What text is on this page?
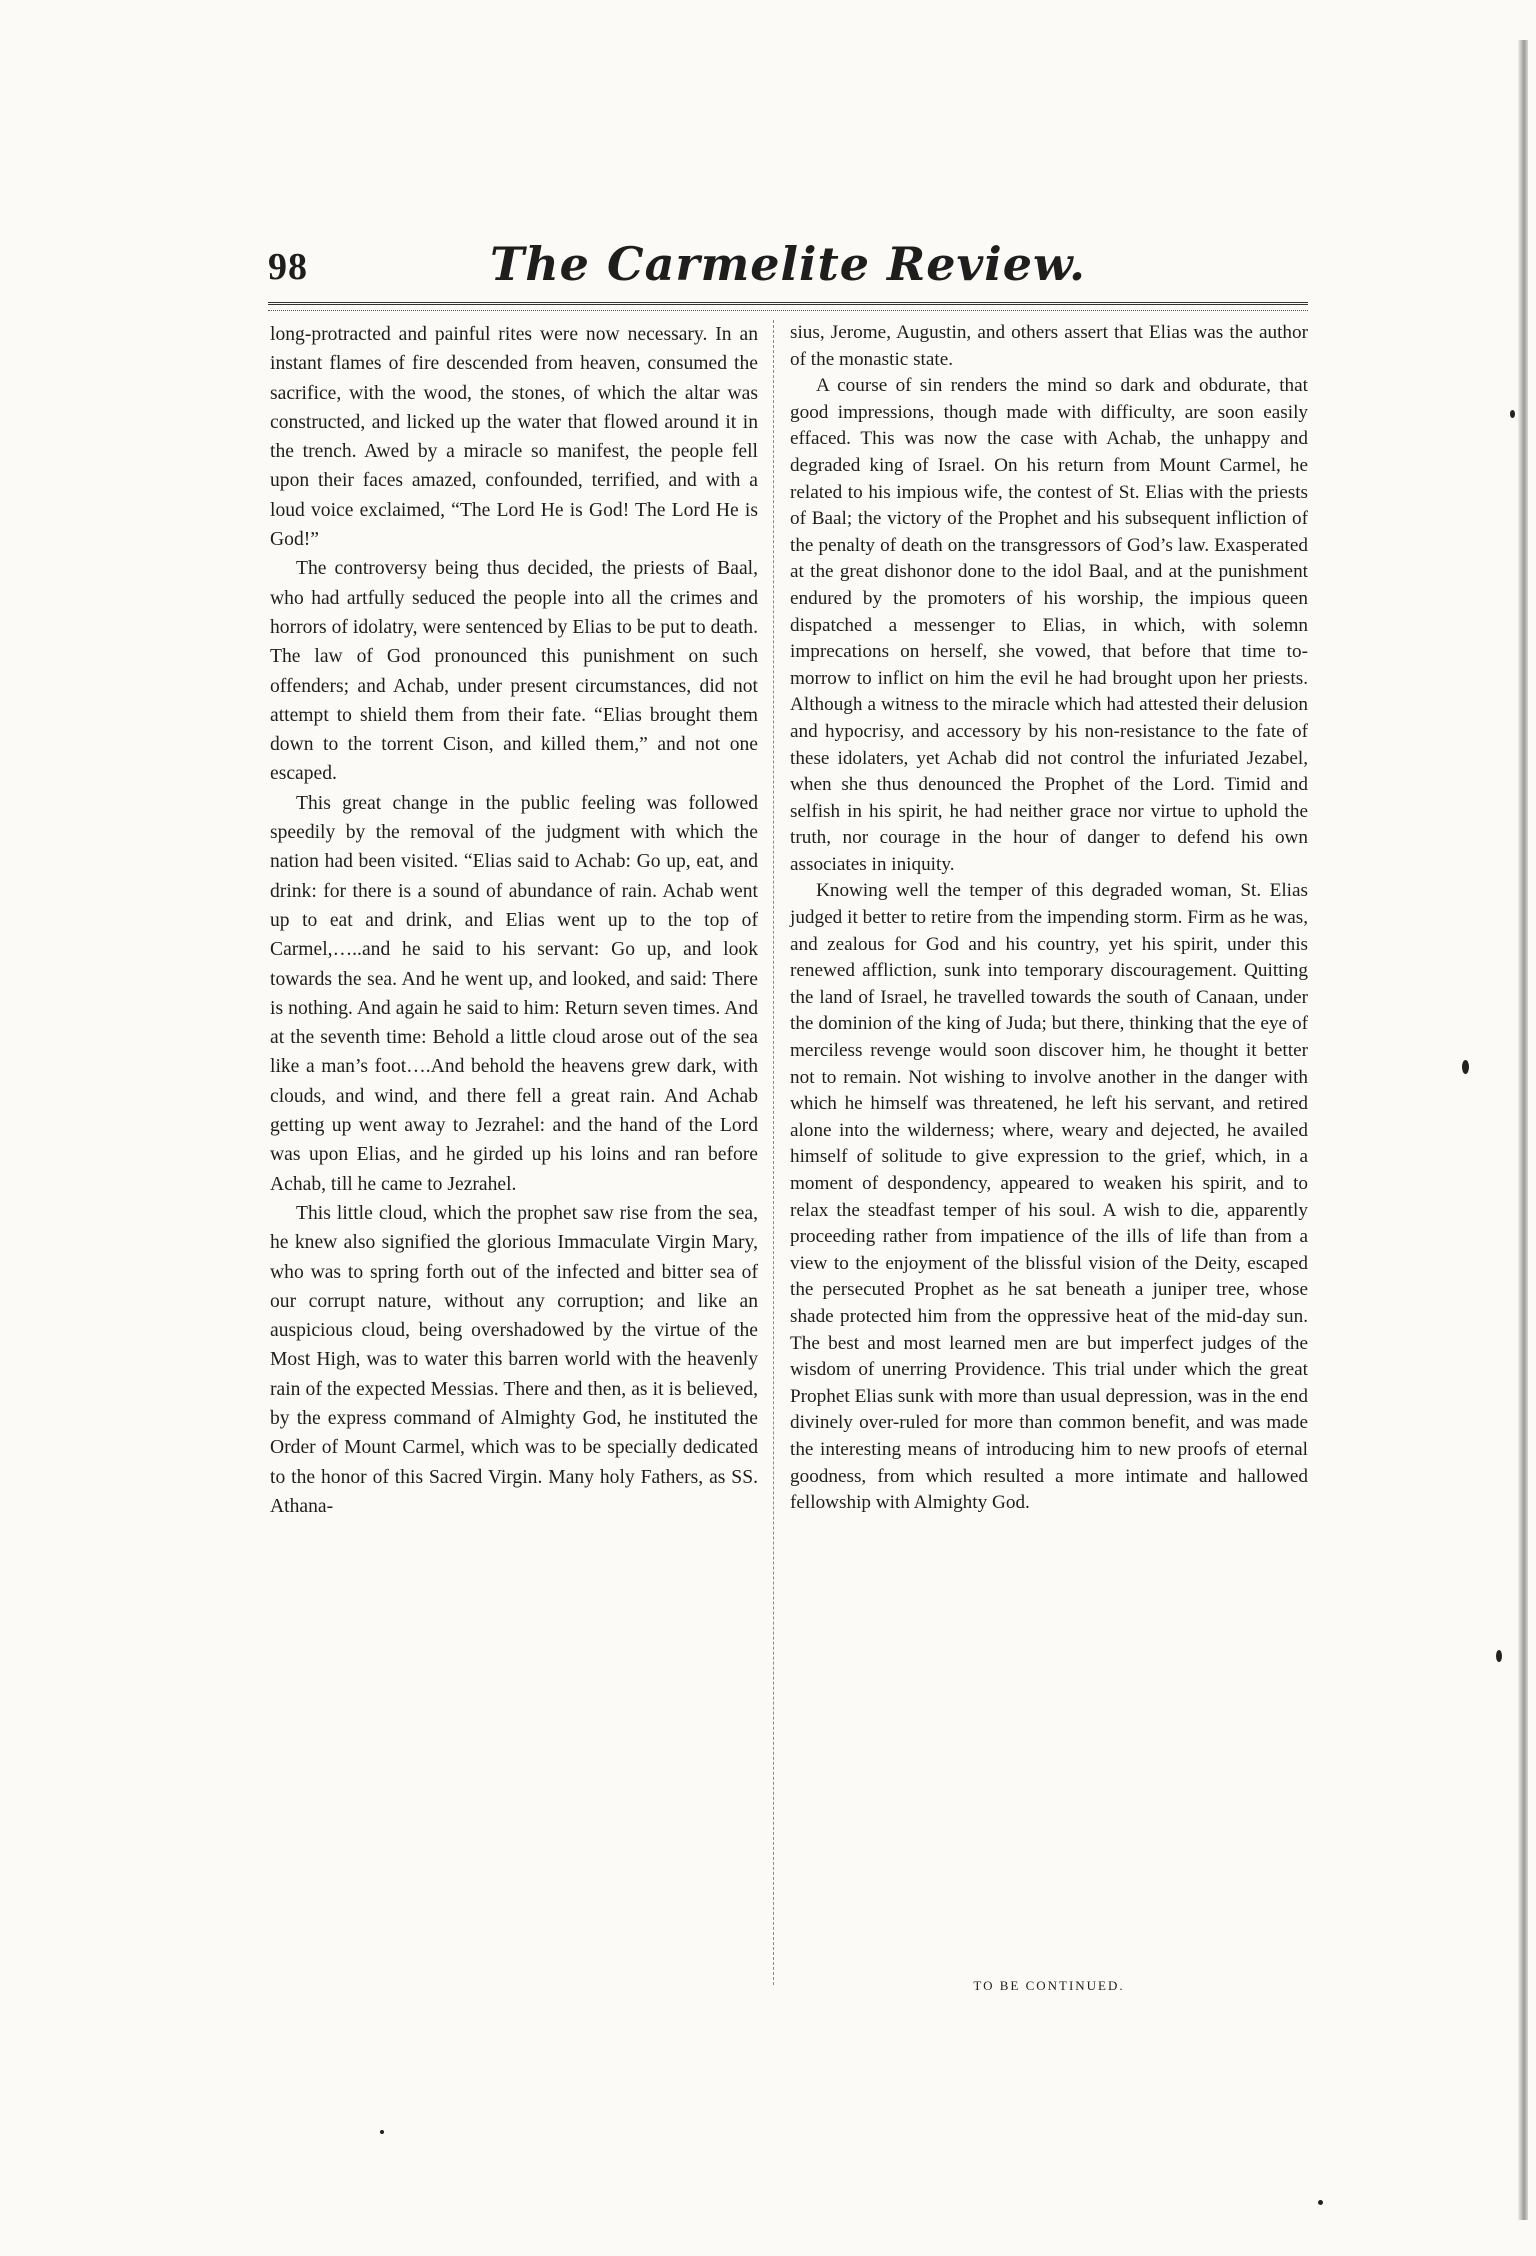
98	The Carmelite Review.

long-protracted and painful rites were now necessary. In an instant flames of fire descended from heaven, consumed the sacrifice, with the wood, the stones, of which the altar was constructed, and licked up the water that flowed around it in the trench. Awed by a miracle so manifest, the people fell upon their faces amazed, confounded, terrified, and with a loud voice exclaimed, “The Lord He is God! The Lord He is God!”

The controversy being thus decided, the priests of Baal, who had artfully seduced the people into all the crimes and horrors of idolatry, were sentenced by Elias to be put to death. The law of God pronounced this punishment on such offenders; and Achab, under present circumstances, did not attempt to shield them from their fate. “Elias brought them down to the torrent Cison, and killed them,” and not one escaped.

This great change in the public feeling was followed speedily by the removal of the judgment with which the nation had been visited. “Elias said to Achab: Go up, eat, and drink: for there is a sound of abundance of rain. Achab went up to eat and drink, and Elias went up to the top of Carmel,…..and he said to his servant: Go up, and look towards the sea. And he went up, and looked, and said: There is nothing. And again he said to him: Return seven times. And at the seventh time: Behold a little cloud arose out of the sea like a man’s foot….And behold the heavens grew dark, with clouds, and wind, and there fell a great rain. And Achab getting up went away to Jezrahel: and the hand of the Lord was upon Elias, and he girded up his loins and ran before Achab, till he came to Jezrahel.

This little cloud, which the prophet saw rise from the sea, he knew also signified the glorious Immaculate Virgin Mary, who was to spring forth out of the infected and bitter sea of our corrupt nature, without any corruption; and like an auspicious cloud, being overshadowed by the virtue of the Most High, was to water this barren world with the heavenly rain of the expected Messias. There and then, as it is believed, by the express command of Almighty God, he instituted the Order of Mount Carmel, which was to be specially dedicated to the honor of this Sacred Virgin. Many holy Fathers, as SS. Athana-

sius, Jerome, Augustin, and others assert that Elias was the author of the monastic state.

A course of sin renders the mind so dark and obdurate, that good impressions, though made with difficulty, are soon easily effaced. This was now the case with Achab, the unhappy and degraded king of Israel. On his return from Mount Carmel, he related to his impious wife, the contest of St. Elias with the priests of Baal; the victory of the Prophet and his subsequent infliction of the penalty of death on the transgressors of God’s law. Exasperated at the great dishonor done to the idol Baal, and at the punishment endured by the promoters of his worship, the impious queen dispatched a messenger to Elias, in which, with solemn imprecations on herself, she vowed, that before that time to-morrow to inflict on him the evil he had brought upon her priests. Although a witness to the miracle which had attested their delusion and hypocrisy, and accessory by his non-resistance to the fate of these idolaters, yet Achab did not control the infuriated Jezabel, when she thus denounced the Prophet of the Lord. Timid and selfish in his spirit, he had neither grace nor virtue to uphold the truth, nor courage in the hour of danger to defend his own associates in iniquity.

Knowing well the temper of this degraded woman, St. Elias judged it better to retire from the impending storm. Firm as he was, and zealous for God and his country, yet his spirit, under this renewed affliction, sunk into temporary discouragement. Quitting the land of Israel, he travelled towards the south of Canaan, under the dominion of the king of Juda; but there, thinking that the eye of merciless revenge would soon discover him, he thought it better not to remain. Not wishing to involve another in the danger with which he himself was threatened, he left his servant, and retired alone into the wilderness; where, weary and dejected, he availed himself of solitude to give expression to the grief, which, in a moment of despondency, appeared to weaken his spirit, and to relax the steadfast temper of his soul. A wish to die, apparently proceeding rather from impatience of the ills of life than from a view to the enjoyment of the blissful vision of the Deity, escaped the persecuted Prophet as he sat beneath a juniper tree, whose shade protected him from the oppressive heat of the mid-day sun. The best and most learned men are but imperfect judges of the wisdom of unerring Providence. This trial under which the great Prophet Elias sunk with more than usual depression, was in the end divinely over-ruled for more than common benefit, and was made the interesting means of introducing him to new proofs of eternal goodness, from which resulted a more intimate and hallowed fellowship with Almighty God.

TO BE CONTINUED.
